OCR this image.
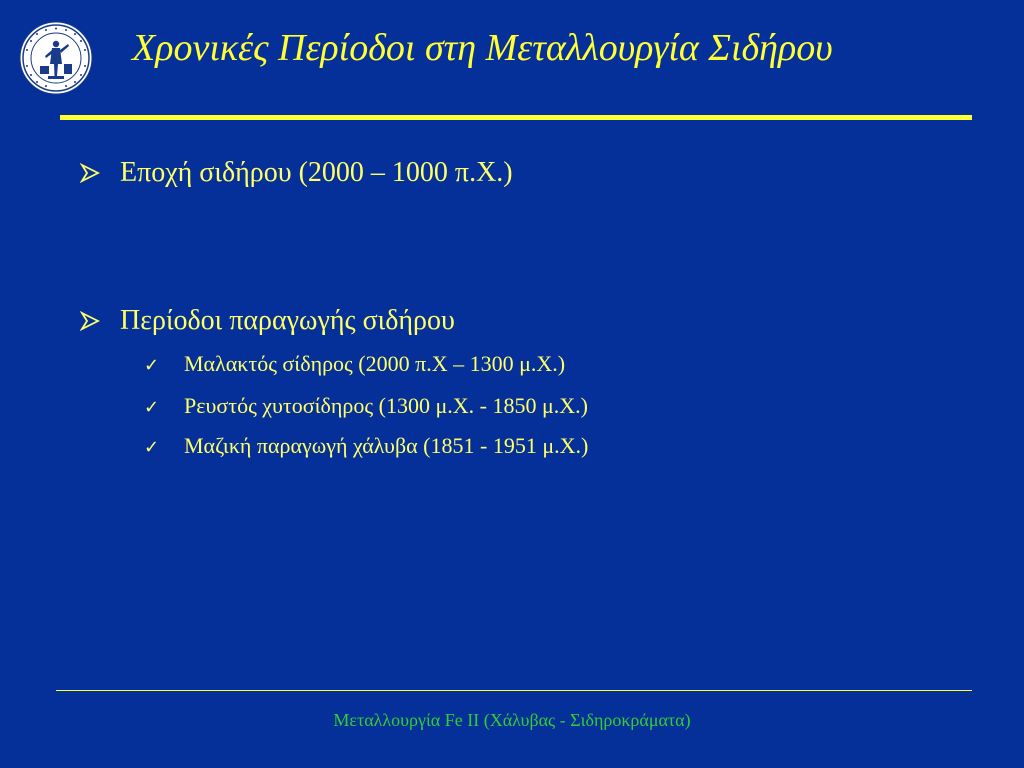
Χρονικές Περίοδοι στη Μεταλλουργία Σιδήρου
Εποχή σιδήρου (2000 – 1000 π.Χ.)
Περίοδοι παραγωγής σιδήρου
✓	Μαλακτός σίδηρος (2000 π.Χ – 1300 μ.Χ.)
✓	Ρευστός χυτοσίδηρος (1300 μ.Χ. - 1850 μ.Χ.)
✓	Μαζική παραγωγή χάλυβα (1851 - 1951 μ.Χ.)
Μεταλλουργία Fe II (Χάλυβας - Σιδηροκράματα)
